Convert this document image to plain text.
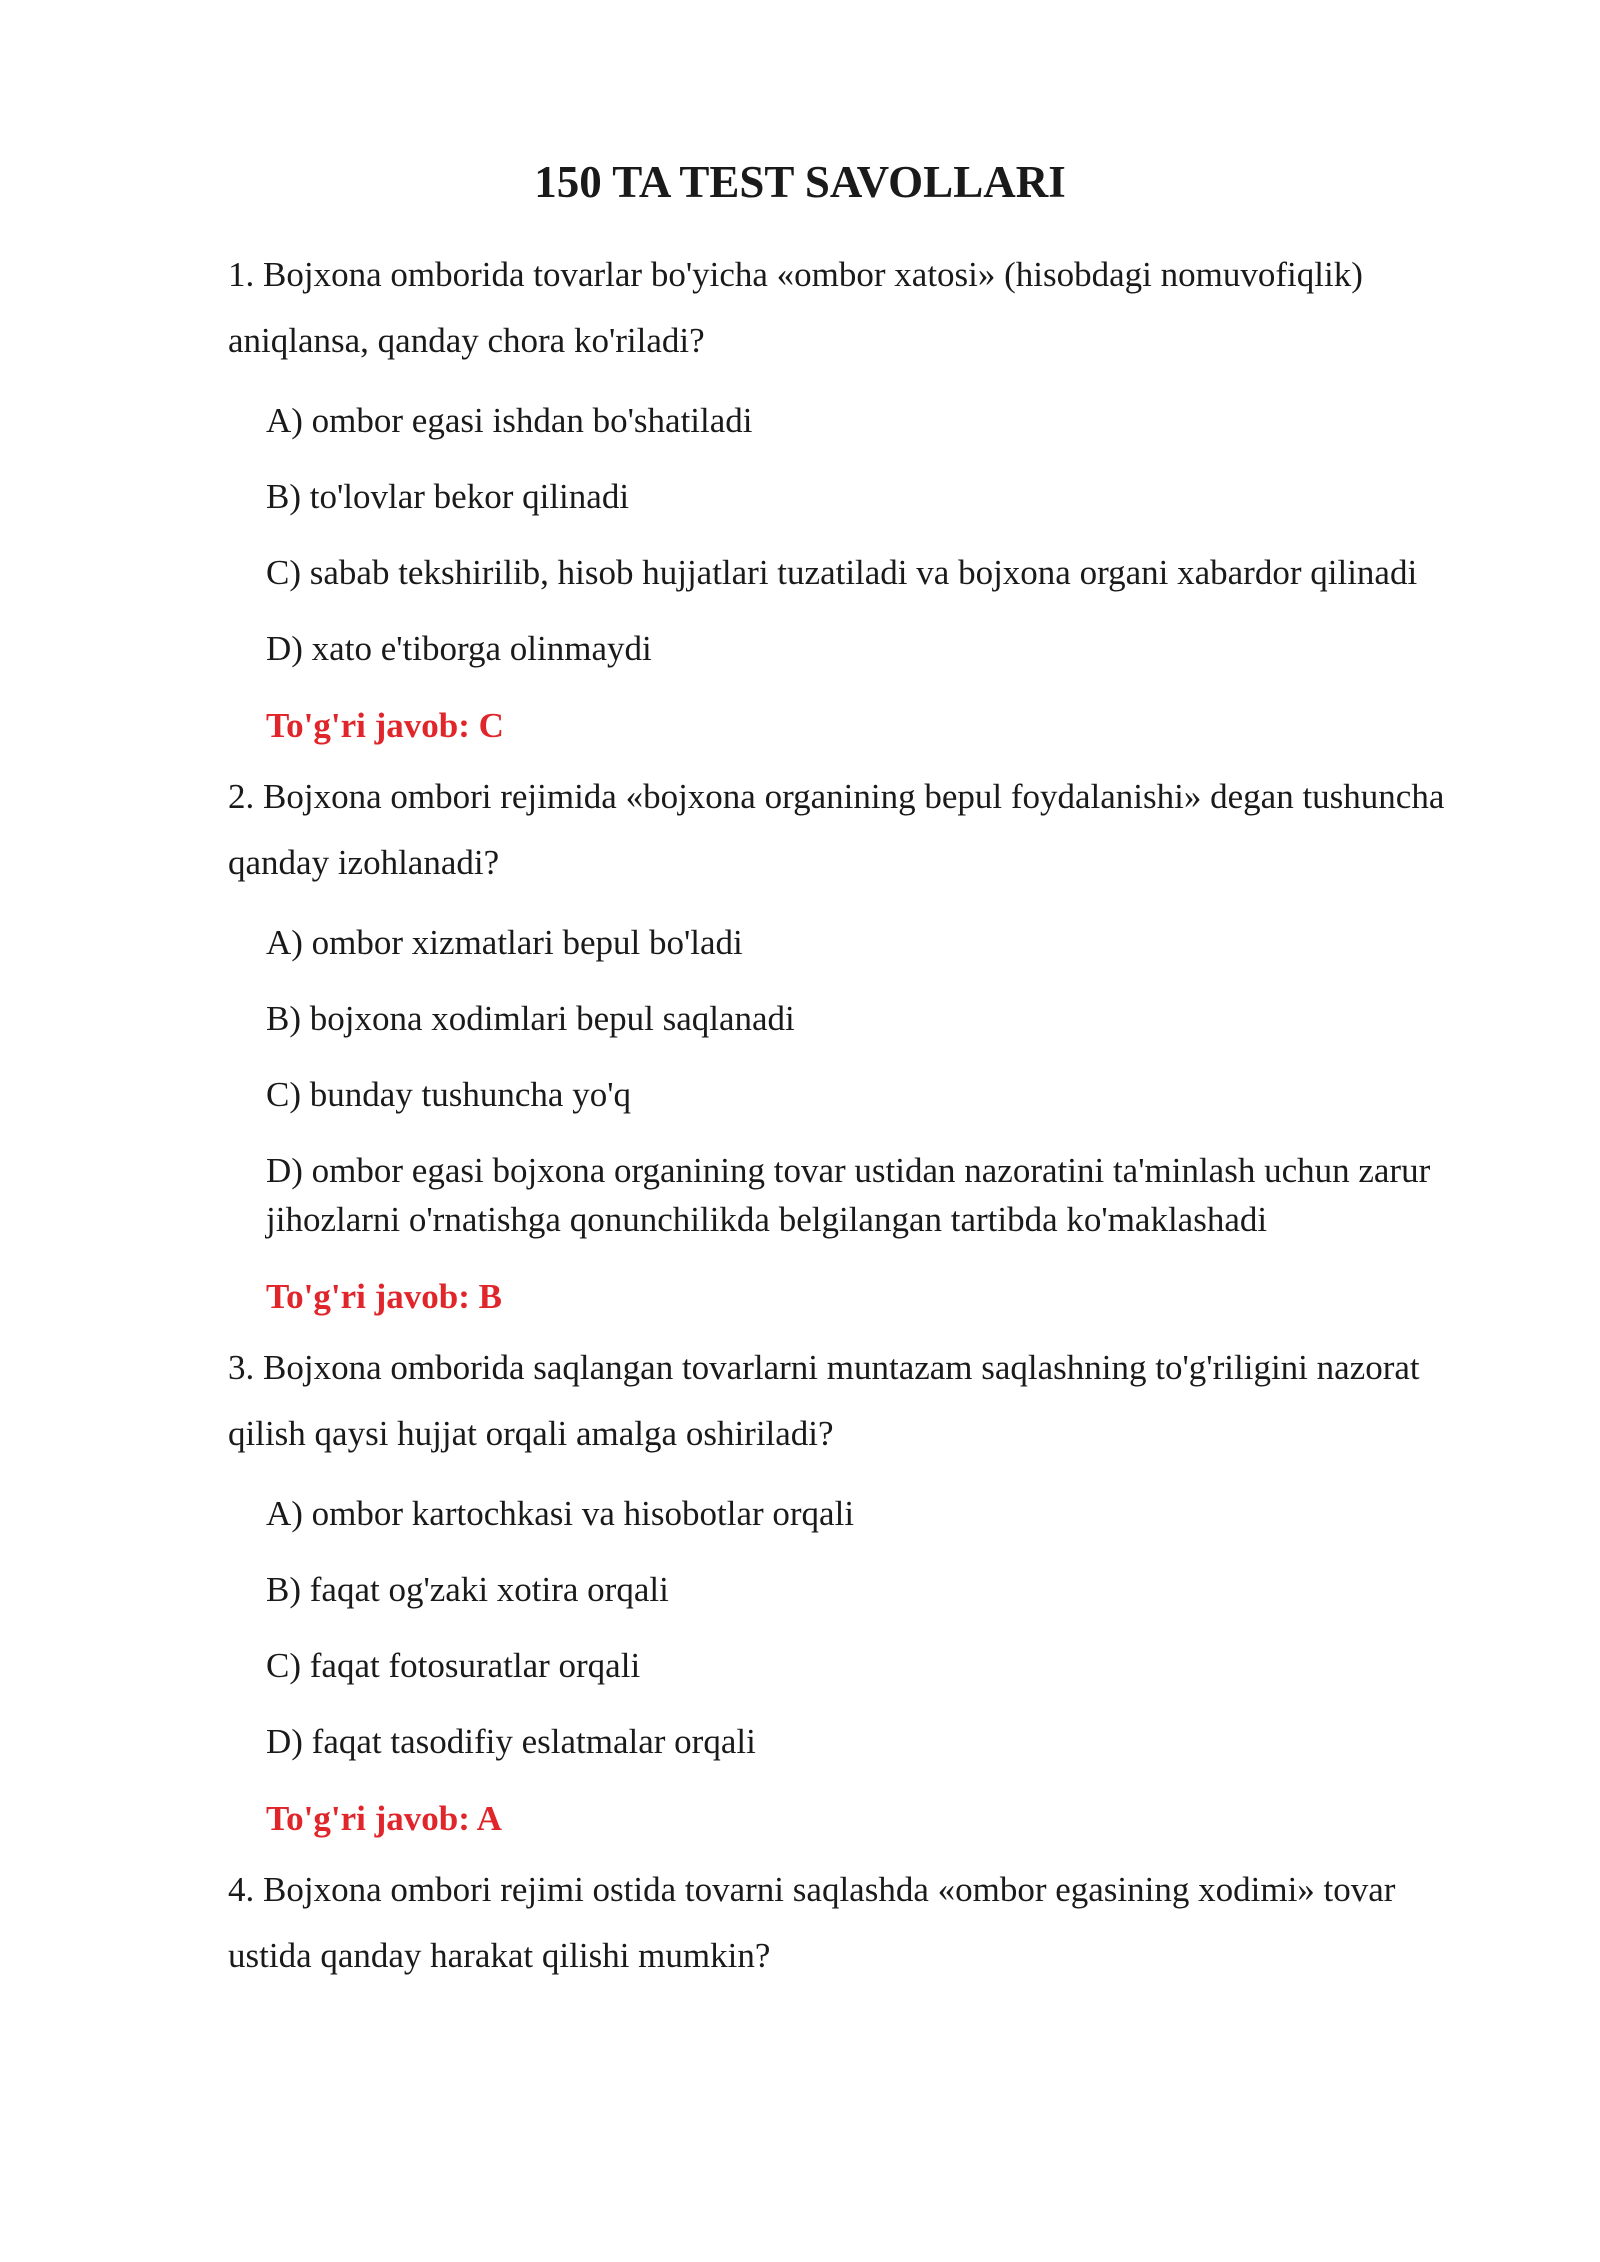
150 TA TEST SAVOLLARI

1. Bojxona omborida tovarlar bo'yicha «ombor xatosi» (hisobdagi nomuvofiqlik) aniqlansa, qanday chora ko'riladi?

A) ombor egasi ishdan bo'shatiladi
B) to'lovlar bekor qilinadi
C) sabab tekshirilib, hisob hujjatlari tuzatiladi va bojxona organi xabardor qilinadi
D) xato e'tiborga olinmaydi

To'g'ri javob: C

2. Bojxona ombori rejimida «bojxona organining bepul foydalanishi» degan tushuncha qanday izohlanadi?

A) ombor xizmatlari bepul bo'ladi
B) bojxona xodimlari bepul saqlanadi
C) bunday tushuncha yo'q
D) ombor egasi bojxona organining tovar ustidan nazoratini ta'minlash uchun zarur jihozlarni o'rnatishga qonunchilikda belgilangan tartibda ko'maklashadi

To'g'ri javob: B

3. Bojxona omborida saqlangan tovarlarni muntazam saqlashning to'g'riligini nazorat qilish qaysi hujjat orqali amalga oshiriladi?

A) ombor kartochkasi va hisobotlar orqali
B) faqat og'zaki xotira orqali
C) faqat fotosuratlar orqali
D) faqat tasodifiy eslatmalar orqali

To'g'ri javob: A

4. Bojxona ombori rejimi ostida tovarni saqlashda «ombor egasining xodimi» tovar ustida qanday harakat qilishi mumkin?
